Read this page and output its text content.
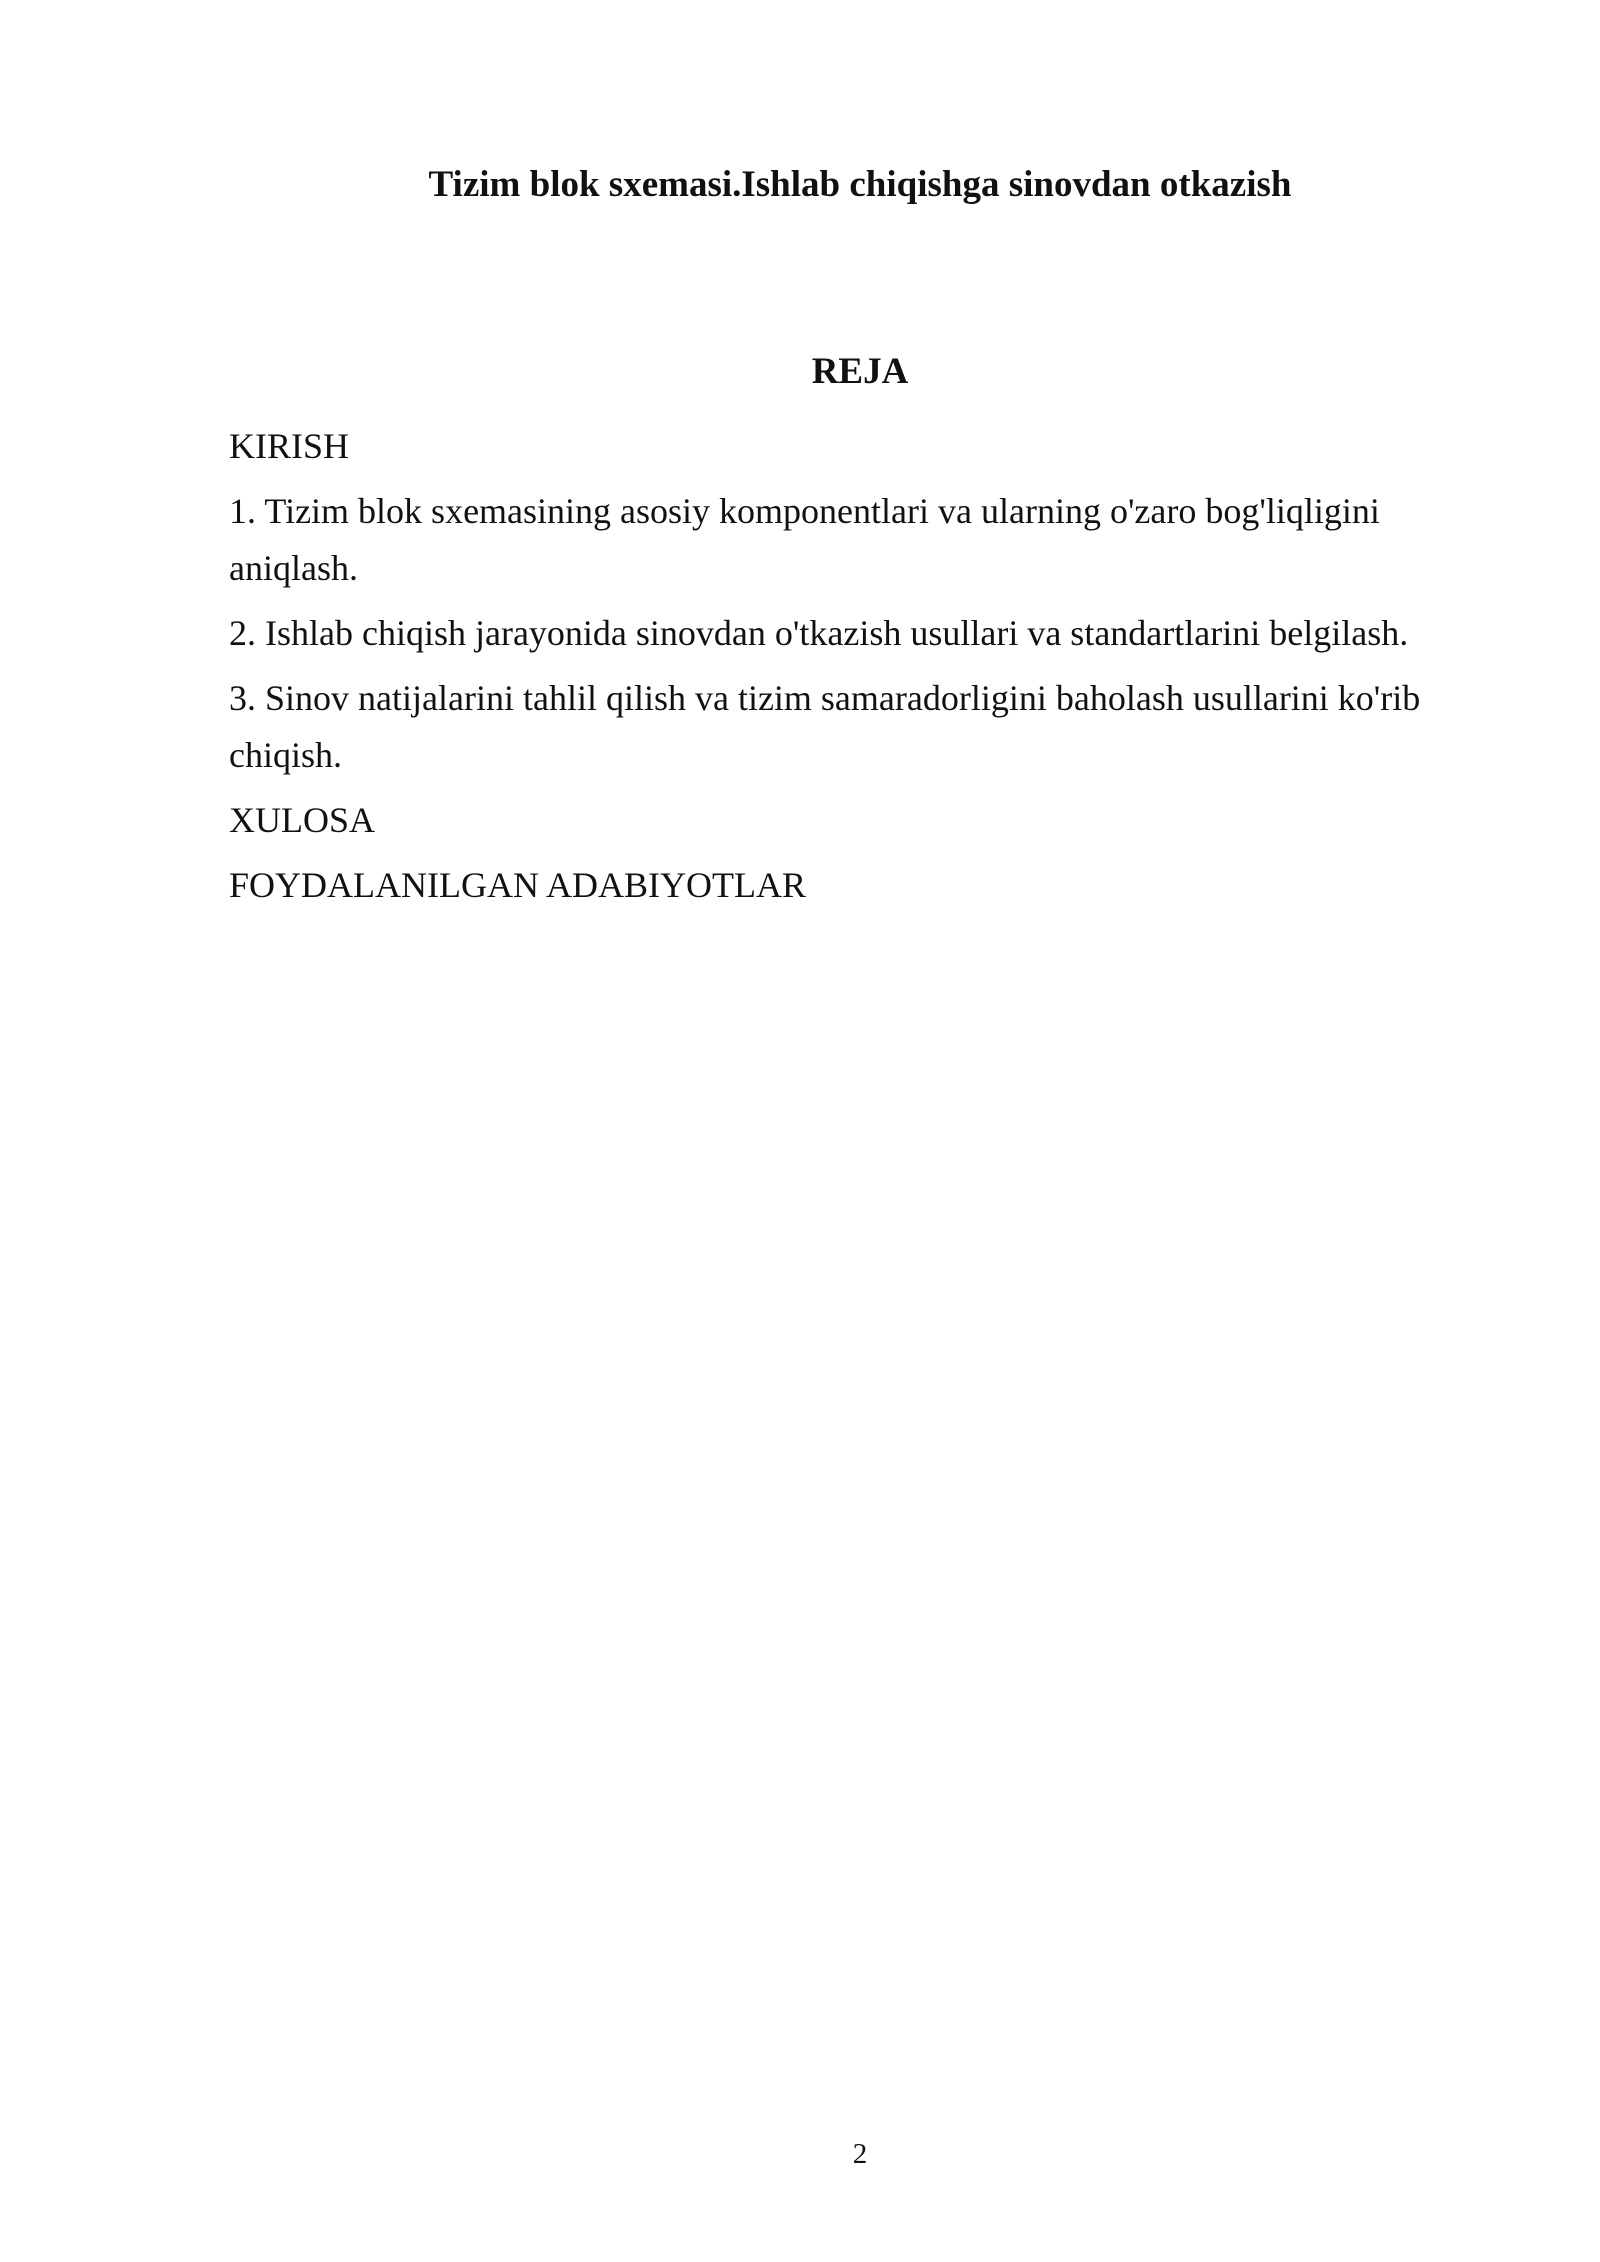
Tizim blok sxemasi.Ishlab chiqishga sinovdan otkazish
REJA
KIRISH
1. Tizim blok sxemasining asosiy komponentlari va ularning o'zaro bog'liqligini aniqlash.
2. Ishlab chiqish jarayonida sinovdan o'tkazish usullari va standartlarini belgilash.
3. Sinov natijalarini tahlil qilish va tizim samaradorligini baholash usullarini ko'rib chiqish.
XULOSA
FOYDALANILGAN ADABIYOTLAR
2
